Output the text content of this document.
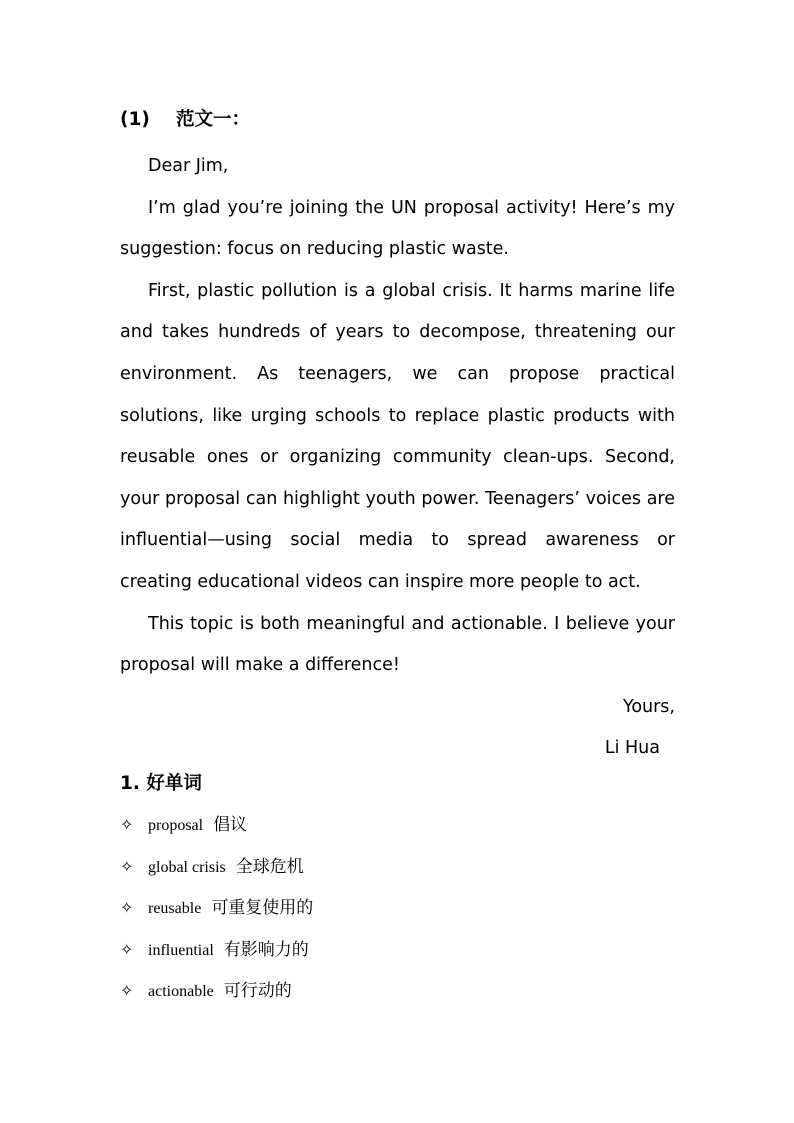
(1) 范文一：

Dear Jim,

I’m glad you’re joining the UN proposal activity! Here’s my suggestion: focus on reducing plastic waste.

First, plastic pollution is a global crisis. It harms marine life and takes hundreds of years to decompose, threatening our environment. As teenagers, we can propose practical solutions, like urging schools to replace plastic products with reusable ones or organizing community clean-ups. Second, your proposal can highlight youth power. Teenagers’ voices are influential—using social media to spread awareness or creating educational videos can inspire more people to act.

This topic is both meaningful and actionable. I believe your proposal will make a difference!

Yours,

Li Hua

1. 好单词
✧ proposal 倡议
✧ global crisis 全球危机
✧ reusable 可重复使用的
✧ influential 有影响力的
✧ actionable 可行动的
